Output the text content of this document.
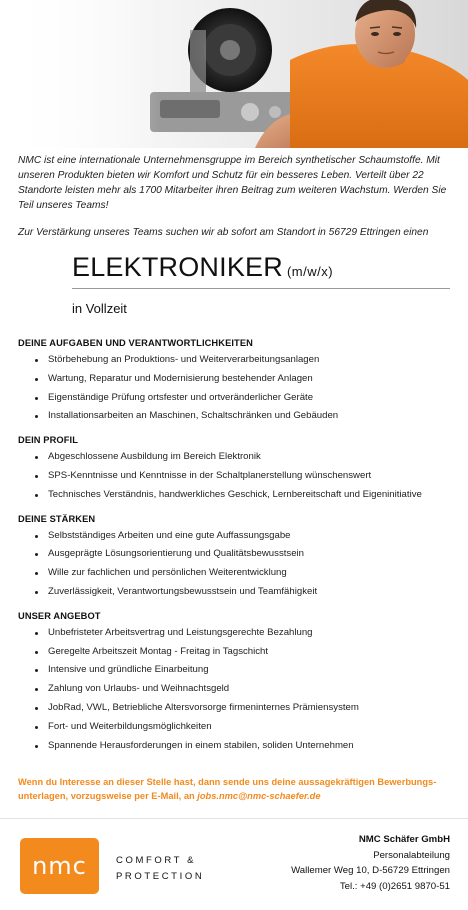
NMC ist eine internationale Unternehmensgruppe im Bereich synthetischer Schaumstoffe. Mit unseren Produkten bieten wir Komfort und Schutz für ein besseres Leben. Verteilt über 22 Standorte leisten mehr als 1700 Mitarbeiter ihren Beitrag zum weiteren Wachstum. Werden Sie Teil unseres Teams!

Zur Verstärkung unseres Teams suchen wir ab sofort am Standort in 56729 Ettringen einen

ELEKTRONIKER (m/w/x)
in Vollzeit
DEINE AUFGABEN UND VERANTWORTLICHKEITEN
Störbehebung an Produktions- und Weiterverarbeitungsanlagen
Wartung, Reparatur und Modernisierung bestehender Anlagen
Eigenständige Prüfung ortsfester und ortveränderlicher Geräte
Installationsarbeiten an Maschinen, Schaltschränken und Gebäuden
DEIN PROFIL
Abgeschlossene Ausbildung im Bereich Elektronik
SPS-Kenntnisse und Kenntnisse in der Schaltplanerstellung wünschenswert
Technisches Verständnis, handwerkliches Geschick, Lernbereitschaft und Eigeninitiative
DEINE STÄRKEN
Selbstständiges Arbeiten und eine gute Auffassungsgabe
Ausgeprägte Lösungsorientierung und Qualitätsbewusstsein
Wille zur fachlichen und persönlichen Weiterentwicklung
Zuverlässigkeit, Verantwortungsbewusstsein und Teamfähigkeit
UNSER ANGEBOT
Unbefristeter Arbeitsvertrag und Leistungsgerechte Bezahlung
Geregelte Arbeitszeit Montag - Freitag in Tagschicht
Intensive und gründliche Einarbeitung
Zahlung von Urlaubs- und Weihnachtsgeld
JobRad, VWL, Betriebliche Altersvorsorge firmeninternes Prämiensystem
Fort- und Weiterbildungsmöglichkeiten
Spannende Herausforderungen in einem stabilen, soliden Unternehmen

Wenn du Interesse an dieser Stelle hast, dann sende uns deine aussagekräftigen Bewerbungs-unterlagen, vorzugsweise per E-Mail, an jobs.nmc@nmc-schaefer.de

nmc	COMFORT &
PROTECTION
NMC Schäfer GmbH
Personalabteilung
Wallemer Weg 10, D-56729 Ettringen
Tel.: +49 (0)2651 9870-51
